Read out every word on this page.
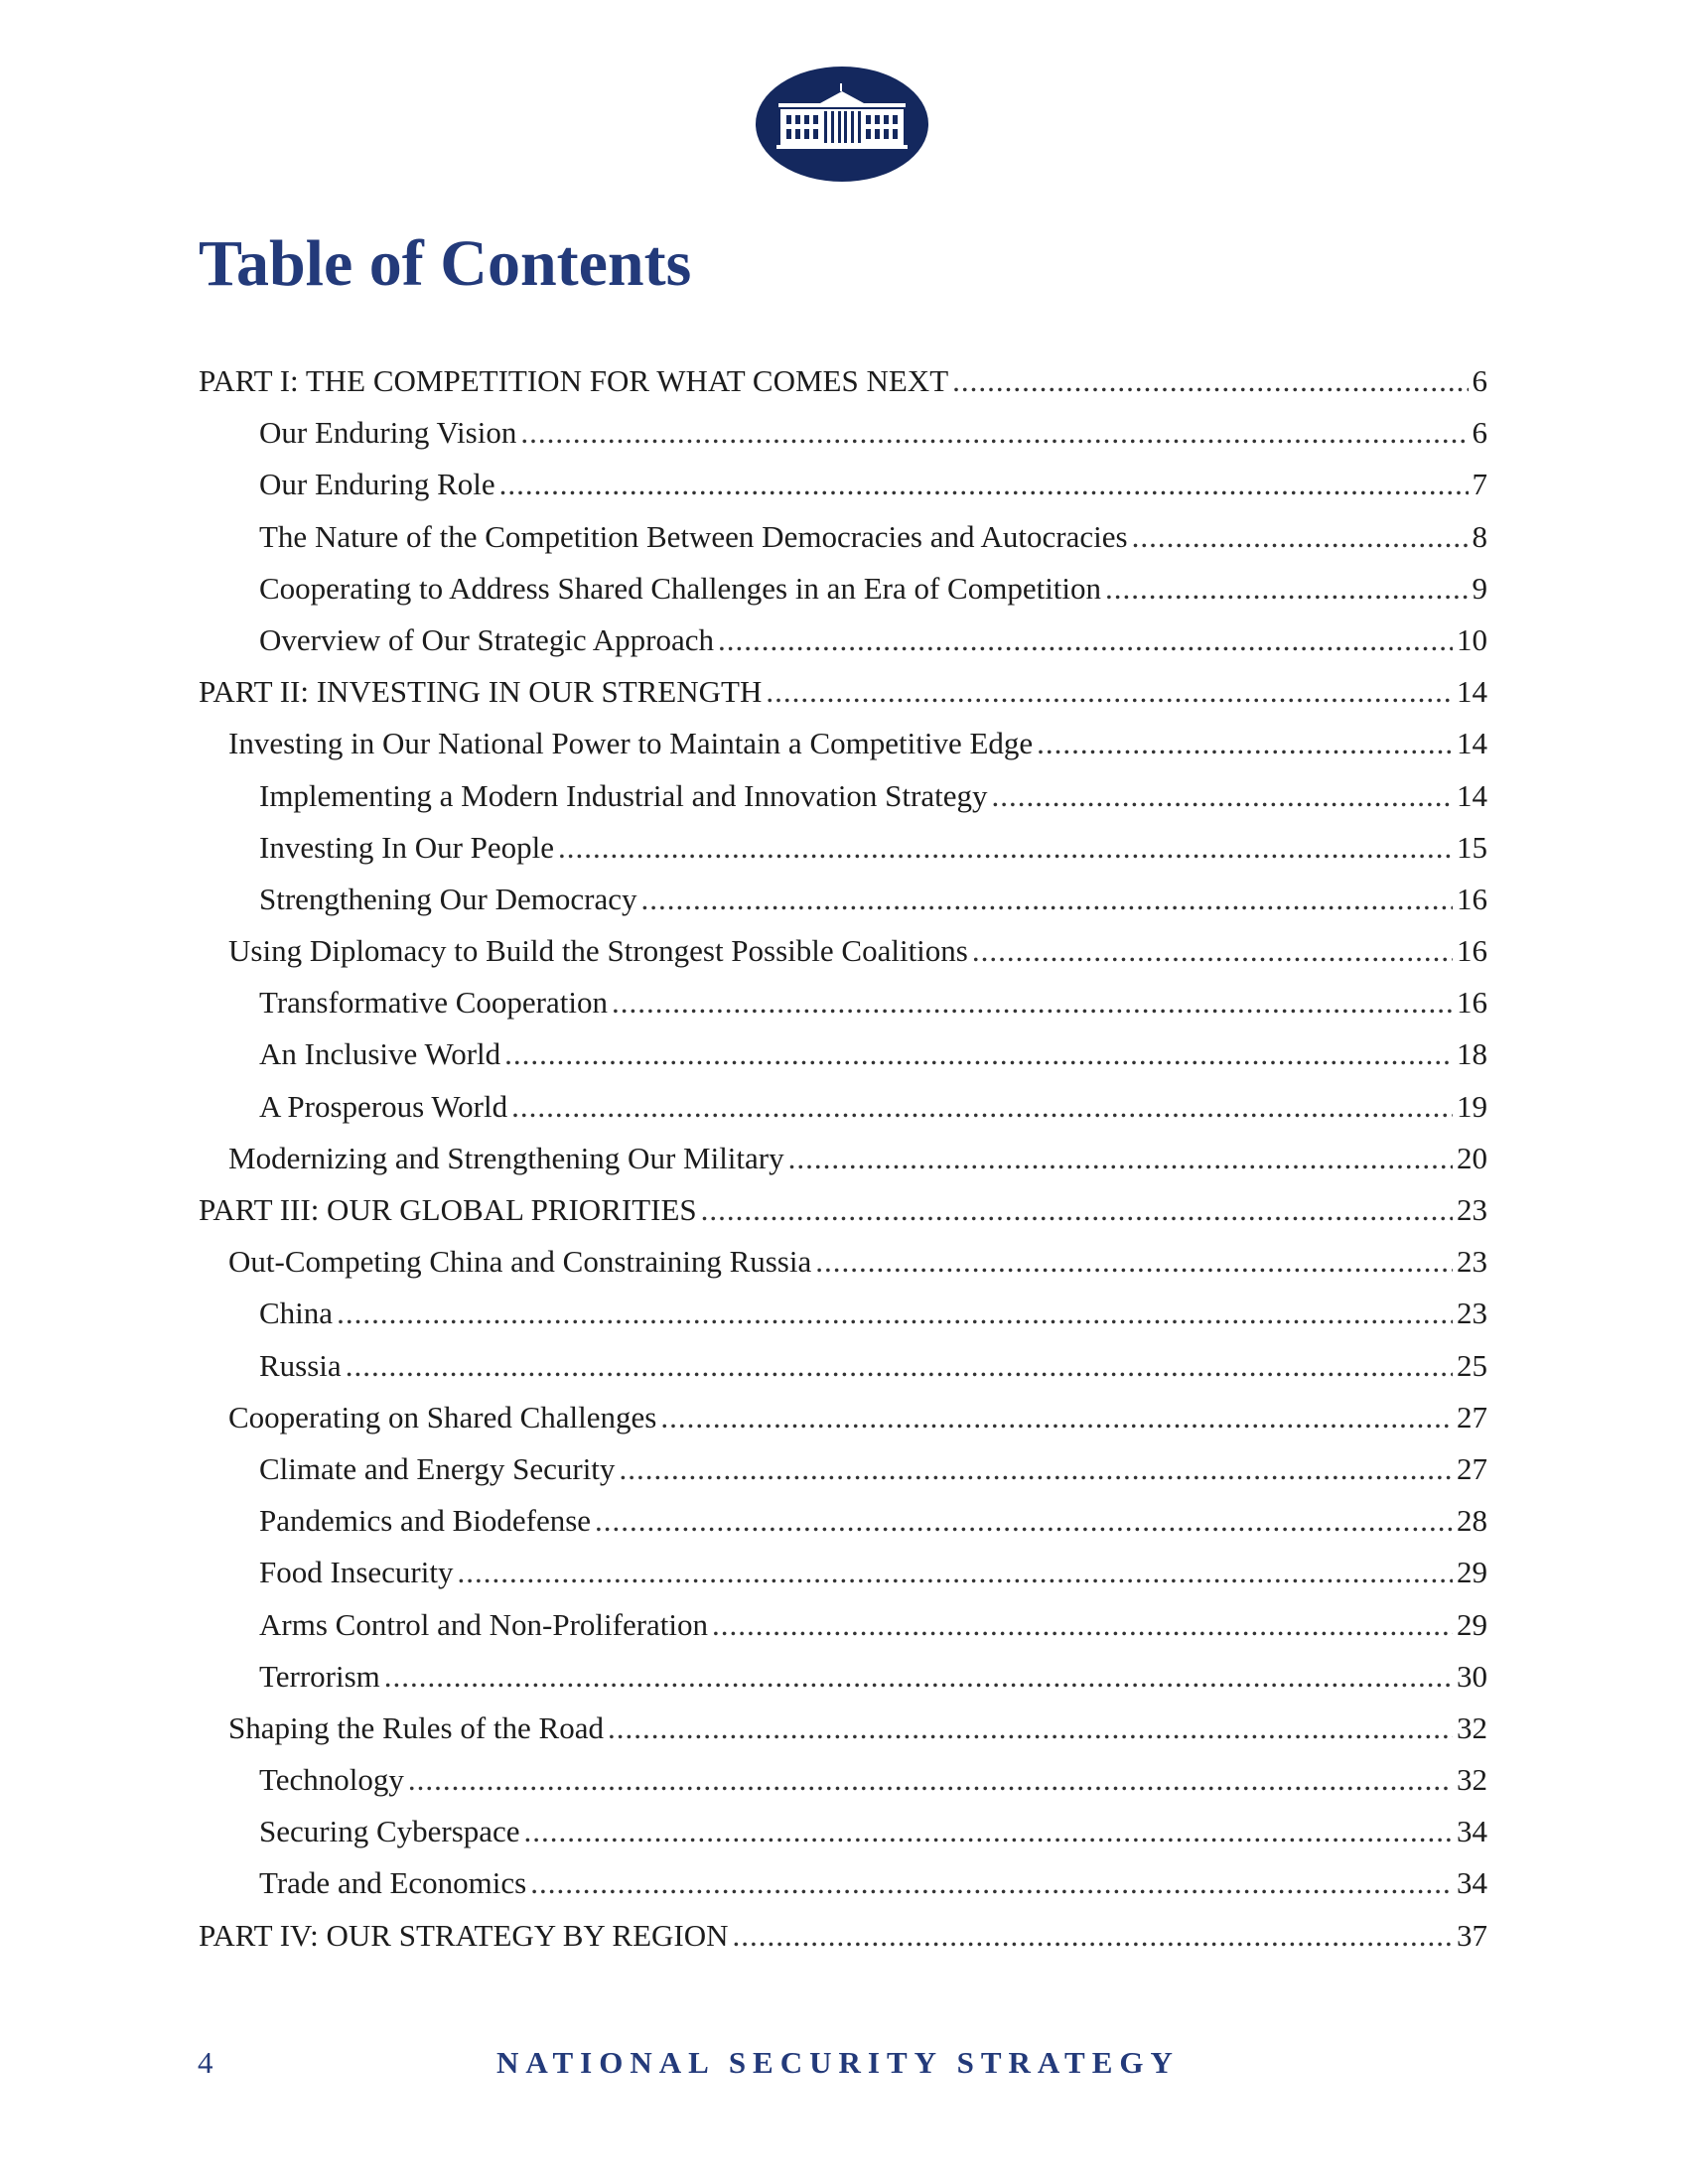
Table of Contents
PART I: THE COMPETITION FOR WHAT COMES NEXT .....	6
Our Enduring Vision .....	6
Our Enduring Role .....	7
The Nature of the Competition Between Democracies and Autocracies .....	8
Cooperating to Address Shared Challenges in an Era of Competition .....	9
Overview of Our Strategic Approach .....	10
PART II: INVESTING IN OUR STRENGTH .....	14
Investing in Our National Power to Maintain a Competitive Edge .....	14
Implementing a Modern Industrial and Innovation Strategy .....	14
Investing In Our People .....	15
Strengthening Our Democracy .....	16
Using Diplomacy to Build the Strongest Possible Coalitions .....	16
Transformative Cooperation .....	16
An Inclusive World .....	18
A Prosperous World .....	19
Modernizing and Strengthening Our Military .....	20
PART III: OUR GLOBAL PRIORITIES .....	23
Out-Competing China and Constraining Russia .....	23
China .....	23
Russia .....	25
Cooperating on Shared Challenges .....	27
Climate and Energy Security .....	27
Pandemics and Biodefense .....	28
Food Insecurity .....	29
Arms Control and Non-Proliferation .....	29
Terrorism .....	30
Shaping the Rules of the Road .....	32
Technology .....	32
Securing Cyberspace .....	34
Trade and Economics .....	34
PART IV: OUR STRATEGY BY REGION .....	37
4	NATIONAL SECURITY STRATEGY
